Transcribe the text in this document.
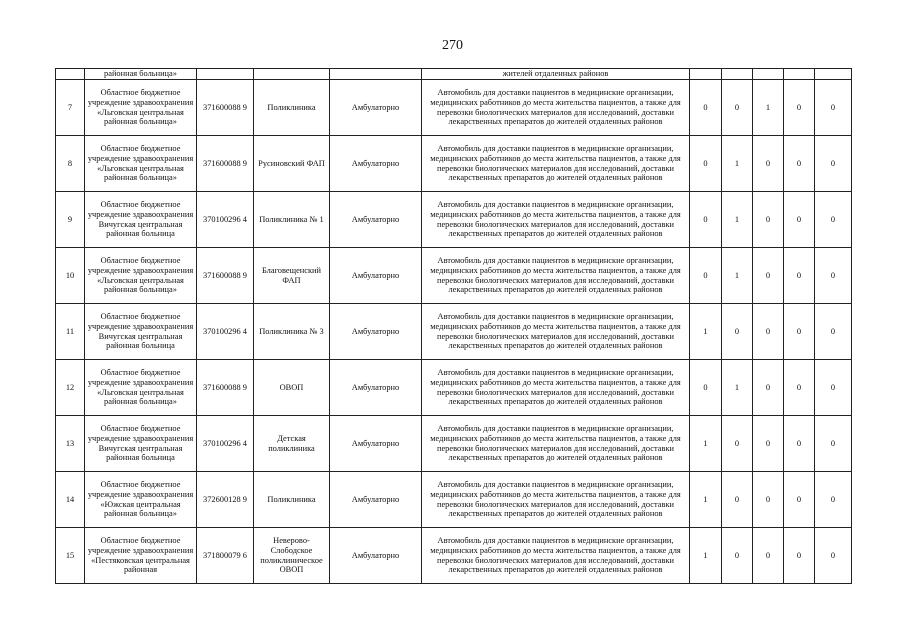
270
	районная больница»				жителей отдаленных районов					
7	Областное бюджетное учреждение здравоохранения «Льговская центральная районная больница»	371600088 9	Поликлиника	Амбулаторно	Автомобиль для доставки пациентов в медицинские организации, медицинских работников до места жительства пациентов, а также для перевозки биологических материалов для исследований, доставки лекарственных препаратов до жителей отдаленных районов	0	0	1	0	0
8	Областное бюджетное учреждение здравоохранения «Льговская центральная районная больница»	371600088 9	Русиновский ФАП	Амбулаторно	Автомобиль для доставки пациентов в медицинские организации, медицинских работников до места жительства пациентов, а также для перевозки биологических материалов для исследований, доставки лекарственных препаратов до жителей отдаленных районов	0	1	0	0	0
9	Областное бюджетное учреждение здравоохранения Вичугская центральная районная больница	370100296 4	Поликлиника № 1	Амбулаторно	Автомобиль для доставки пациентов в медицинские организации, медицинских работников до места жительства пациентов, а также для перевозки биологических материалов для исследований, доставки лекарственных препаратов до жителей отдаленных районов	0	1	0	0	0
10	Областное бюджетное учреждение здравоохранения «Льговская центральная районная больница»	371600088 9	Благовещенский ФАП	Амбулаторно	Автомобиль для доставки пациентов в медицинские организации, медицинских работников до места жительства пациентов, а также для перевозки биологических материалов для исследований, доставки лекарственных препаратов до жителей отдаленных районов	0	1	0	0	0
11	Областное бюджетное учреждение здравоохранения Вичугская центральная районная больница	370100296 4	Поликлиника № 3	Амбулаторно	Автомобиль для доставки пациентов в медицинские организации, медицинских работников до места жительства пациентов, а также для перевозки биологических материалов для исследований, доставки лекарственных препаратов до жителей отдаленных районов	1	0	0	0	0
12	Областное бюджетное учреждение здравоохранения «Льговская центральная районная больница»	371600088 9	ОВОП	Амбулаторно	Автомобиль для доставки пациентов в медицинские организации, медицинских работников до места жительства пациентов, а также для перевозки биологических материалов для исследований, доставки лекарственных препаратов до жителей отдаленных районов	0	1	0	0	0
13	Областное бюджетное учреждение здравоохранения Вичугская центральная районная больница	370100296 4	Детская поликлиника	Амбулаторно	Автомобиль для доставки пациентов в медицинские организации, медицинских работников до места жительства пациентов, а также для перевозки биологических материалов для исследований, доставки лекарственных препаратов до жителей отдаленных районов	1	0	0	0	0
14	Областное бюджетное учреждение здравоохранения «Южская центральная районная больница»	372600128 9	Поликлиника	Амбулаторно	Автомобиль для доставки пациентов в медицинские организации, медицинских работников до места жительства пациентов, а также для перевозки биологических материалов для исследований, доставки лекарственных препаратов до жителей отдаленных районов	1	0	0	0	0
15	Областное бюджетное учреждение здравоохранения «Пестяковская центральная районная	371800079 6	Неверово-Слободское поликлиническое ОВОП	Амбулаторно	Автомобиль для доставки пациентов в медицинские организации, медицинских работников до места жительства пациентов, а также для перевозки биологических материалов для исследований, доставки лекарственных препаратов до жителей отдаленных районов	1	0	0	0	0
